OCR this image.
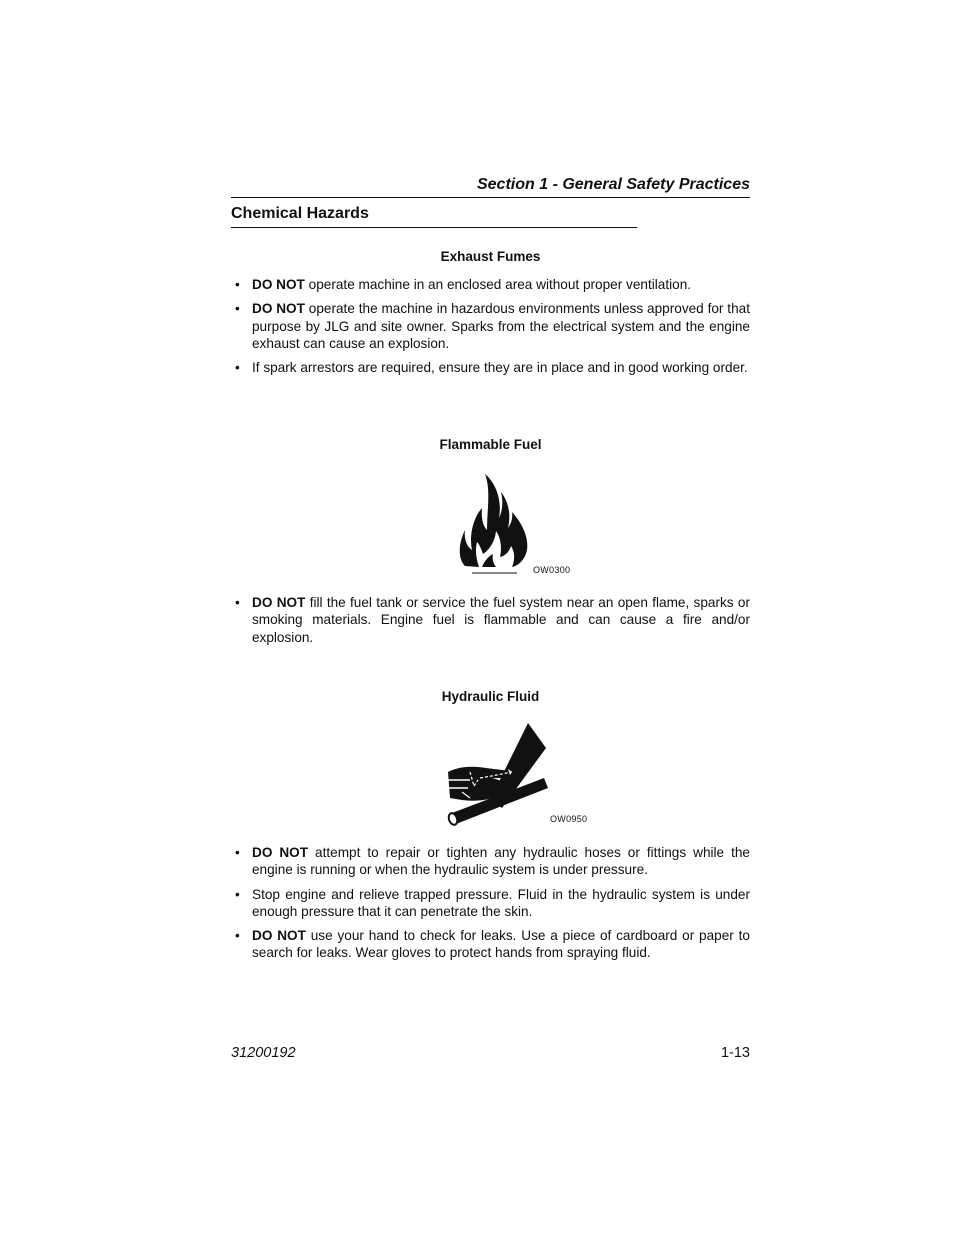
Section 1 - General Safety Practices
Chemical Hazards
Exhaust Fumes
• DO NOT operate machine in an enclosed area without proper ventilation.
• DO NOT operate the machine in hazardous environments unless approved for that purpose by JLG and site owner. Sparks from the electrical system and the engine exhaust can cause an explosion.
• If spark arrestors are required, ensure they are in place and in good working order.
Flammable Fuel
OW0300
• DO NOT fill the fuel tank or service the fuel system near an open flame, sparks or smoking materials. Engine fuel is flammable and can cause a fire and/or explosion.
Hydraulic Fluid
OW0950
• DO NOT attempt to repair or tighten any hydraulic hoses or fittings while the engine is running or when the hydraulic system is under pressure.
• Stop engine and relieve trapped pressure. Fluid in the hydraulic system is under enough pressure that it can penetrate the skin.
• DO NOT use your hand to check for leaks. Use a piece of cardboard or paper to search for leaks. Wear gloves to protect hands from spraying fluid.
31200192	1-13
